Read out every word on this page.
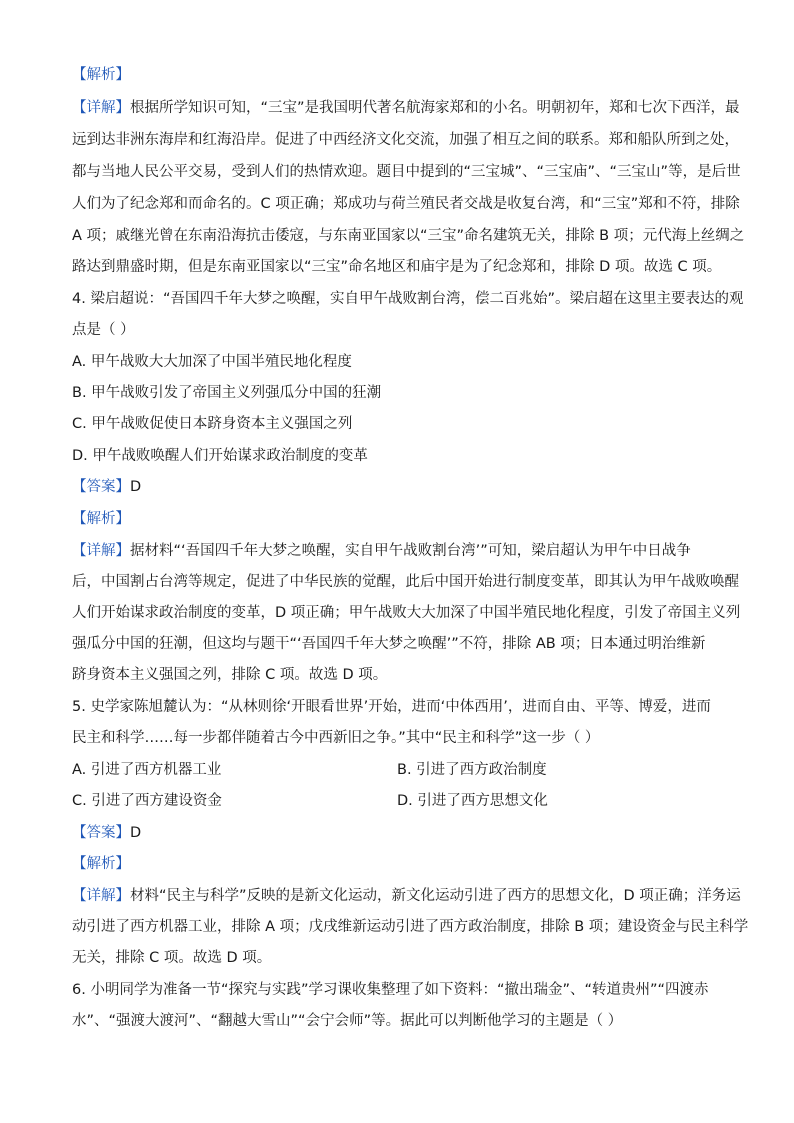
【解析】
【详解】根据所学知识可知，“三宝”是我国明代著名航海家郑和的小名。明朝初年，郑和七次下西洋，最
远到达非洲东海岸和红海沿岸。促进了中西经济文化交流，加强了相互之间的联系。郑和船队所到之处，
都与当地人民公平交易，受到人们的热情欢迎。题目中提到的“三宝城”、“三宝庙”、“三宝山”等，是后世
人们为了纪念郑和而命名的。C 项正确；郑成功与荷兰殖民者交战是收复台湾，和“三宝”郑和不符，排除
A 项；戚继光曾在东南沿海抗击倭寇，与东南亚国家以“三宝”命名建筑无关，排除 B 项；元代海上丝绸之
路达到鼎盛时期，但是东南亚国家以“三宝”命名地区和庙宇是为了纪念郑和，排除 D 项。故选 C 项。
4. 梁启超说：“吾国四千年大梦之唤醒，实自甲午战败割台湾，偿二百兆始”。梁启超在这里主要表达的观
点是（ ）
A. 甲午战败大大加深了中国半殖民地化程度
B. 甲午战败引发了帝国主义列强瓜分中国的狂潮
C. 甲午战败促使日本跻身资本主义强国之列
D. 甲午战败唤醒人们开始谋求政治制度的变革
【答案】D
【解析】
【详解】据材料“‘吾国四千年大梦之唤醒，实自甲午战败割台湾’”可知，梁启超认为甲午中日战争
后，中国割占台湾等规定，促进了中华民族的觉醒，此后中国开始进行制度变革，即其认为甲午战败唤醒
人们开始谋求政治制度的变革，D 项正确；甲午战败大大加深了中国半殖民地化程度，引发了帝国主义列
强瓜分中国的狂潮，但这均与题干“‘吾国四千年大梦之唤醒’”不符，排除 AB 项；日本通过明治维新
跻身资本主义强国之列，排除 C 项。故选 D 项。
5. 史学家陈旭麓认为：“从林则徐‘开眼看世界’开始，进而‘中体西用’，进而自由、平等、博爱，进而
民主和科学……每一步都伴随着古今中西新旧之争。”其中“民主和科学”这一步（ ）
A. 引进了西方机器工业	B. 引进了西方政治制度
C. 引进了西方建设资金	D. 引进了西方思想文化
【答案】D
【解析】
【详解】材料“民主与科学”反映的是新文化运动，新文化运动引进了西方的思想文化，D 项正确；洋务运
动引进了西方机器工业，排除 A 项；戊戌维新运动引进了西方政治制度，排除 B 项；建设资金与民主科学
无关，排除 C 项。故选 D 项。
6. 小明同学为准备一节“探究与实践”学习课收集整理了如下资料：“撤出瑞金”、“转道贵州”“四渡赤
水”、“强渡大渡河”、“翻越大雪山”“会宁会师”等。据此可以判断他学习的主题是（ ）
